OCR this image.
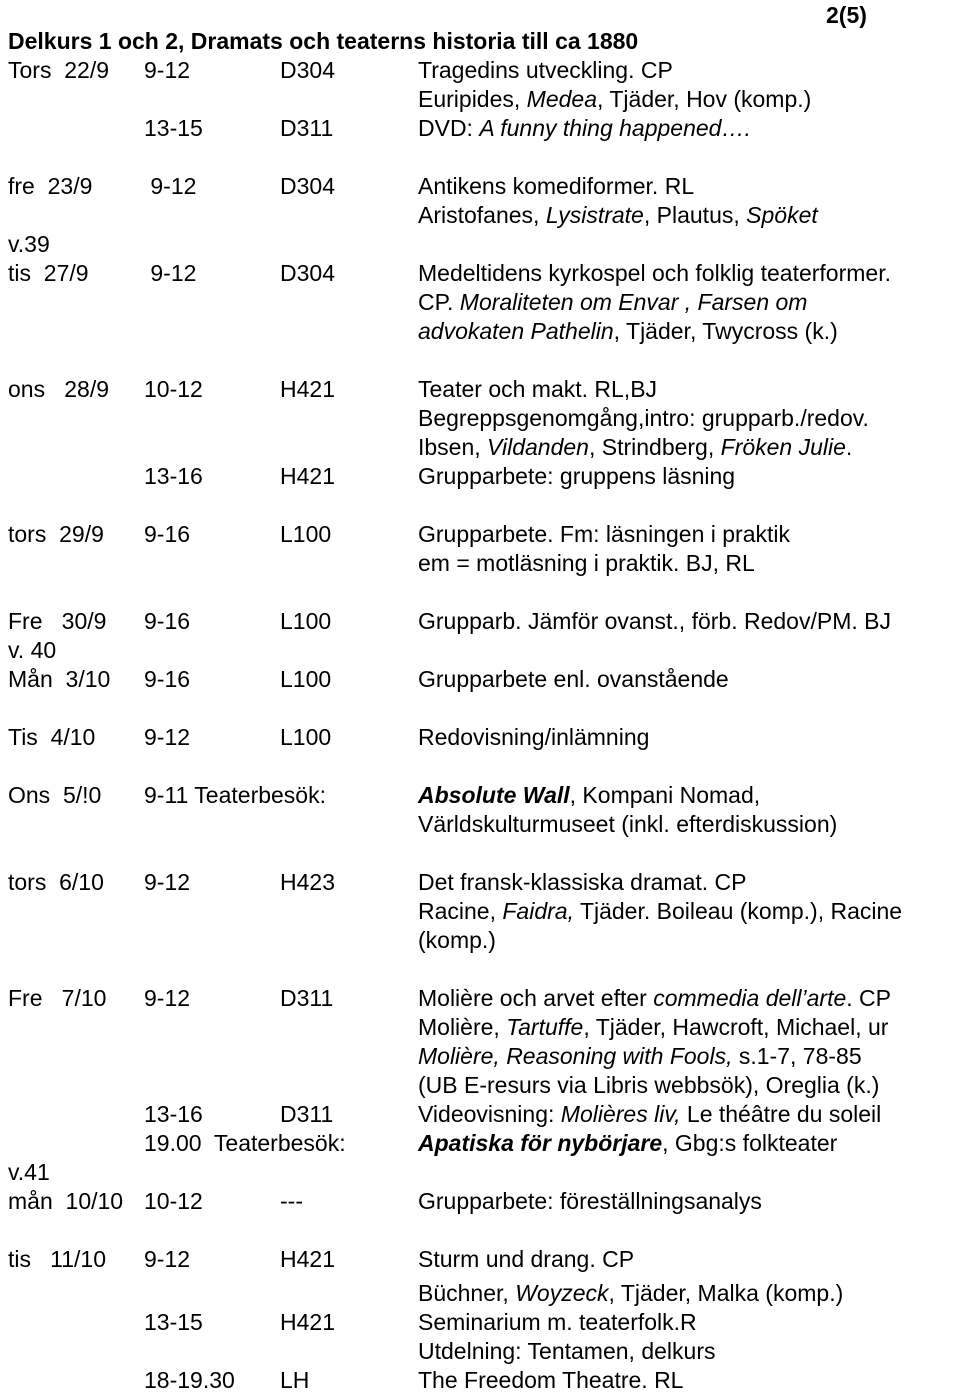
2(5)
Delkurs 1 och 2, Dramats och teaterns historia till ca 1880
Tors  22/9 9-12	D304	Tragedins utveckling. CP
Euripides, Medea, Tjäder, Hov (komp.)
13-15	D311	DVD: A funny thing happened….
fre  23/9 9-12	D304	Antikens komediformer. RL
Aristofanes, Lysistrate, Plautus, Spöket
v.39
tis  27/9 9-12	D304	Medeltidens kyrkospel och folklig teaterformer.
CP. Moraliteten om Envar , Farsen om
advokaten Pathelin, Tjäder, Twycross (k.)
ons   28/9 10-12	H421	Teater och makt. RL,BJ
Begreppsgenomgång,intro: grupparb./redov.
Ibsen, Vildanden, Strindberg, Fröken Julie.
13-16	H421	Grupparbete: gruppens läsning
tors  29/9 9-16	L100	Grupparbete. Fm: läsningen i praktik
em = motläsning i praktik. BJ, RL
Fre   30/9 9-16	L100	Grupparb. Jämför ovanst., förb. Redov/PM. BJ
v. 40
Mån  3/10 9-16	L100	Grupparbete enl. ovanstående
Tis  4/10 9-12	L100	Redovisning/inlämning
Ons  5/!0 9-11 Teaterbesök:	Absolute Wall, Kompani Nomad,
Världskulturmuseet (inkl. efterdiskussion)
tors  6/10 9-12	H423	Det fransk-klassiska dramat. CP
Racine, Faidra, Tjäder. Boileau (komp.), Racine
(komp.)
Fre   7/10 9-12	D311	Molière och arvet efter commedia dell’arte. CP
Molière, Tartuffe, Tjäder, Hawcroft, Michael, ur
Molière, Reasoning with Fools, s.1-7, 78-85
(UB E-resurs via Libris webbsök), Oreglia (k.)
13-16	D311	Videovisning: Molières liv, Le théâtre du soleil
19.00  Teaterbesök:	Apatiska för nybörjare, Gbg:s folkteater
v.41
mån  10/10 10-12	---	Grupparbete: föreställningsanalys
tis   11/10 9-12	H421	Sturm und drang. CP
Büchner, Woyzeck, Tjäder, Malka (komp.)
13-15	H421	Seminarium m. teaterfolk.R
Utdelning: Tentamen, delkurs
18-19.30 LH	The Freedom Theatre. RL
